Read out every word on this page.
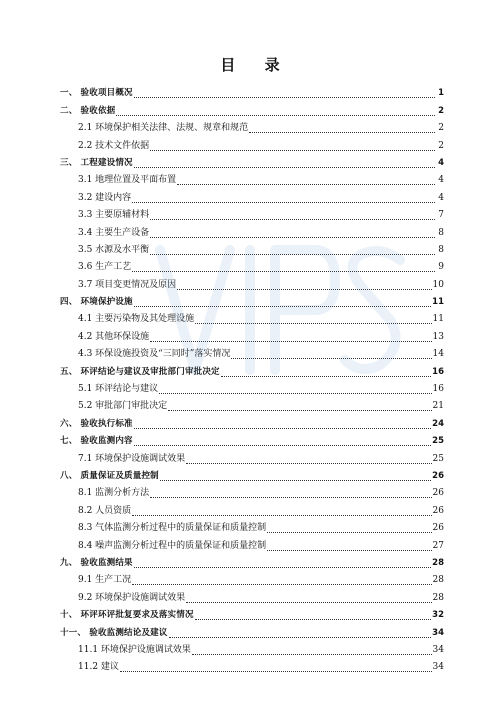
目 录
一、 验收项目概况	1
二、 验收依据	2
2.1 环境保护相关法律、法规、规章和规范	2
2.2 技术文件依据	2
三、 工程建设情况	4
3.1 地理位置及平面布置	4
3.2 建设内容	4
3.3 主要原辅材料	7
3.4 主要生产设备	8
3.5 水源及水平衡	8
3.6 生产工艺	9
3.7 项目变更情况及原因	10
四、 环境保护设施	11
4.1 主要污染物及其处理设施	11
4.2 其他环保设施	13
4.3 环保设施投资及“三同时”落实情况	14
五、 环评结论与建议及审批部门审批决定	16
5.1 环评结论与建议	16
5.2 审批部门审批决定	21
六、 验收执行标准	24
七、 验收监测内容	25
7.1 环境保护设施调试效果	25
八、 质量保证及质量控制	26
8.1 监测分析方法	26
8.2 人员资质	26
8.3 气体监测分析过程中的质量保证和质量控制	26
8.4 噪声监测分析过程中的质量保证和质量控制	27
九、 验收监测结果	28
9.1 生产工况	28
9.2 环境保护设施调试效果	28
十、 环评环评批复要求及落实情况	32
十一、 验收监测结论及建议	34
11.1 环境保护设施调试效果	34
11.2 建议	34
